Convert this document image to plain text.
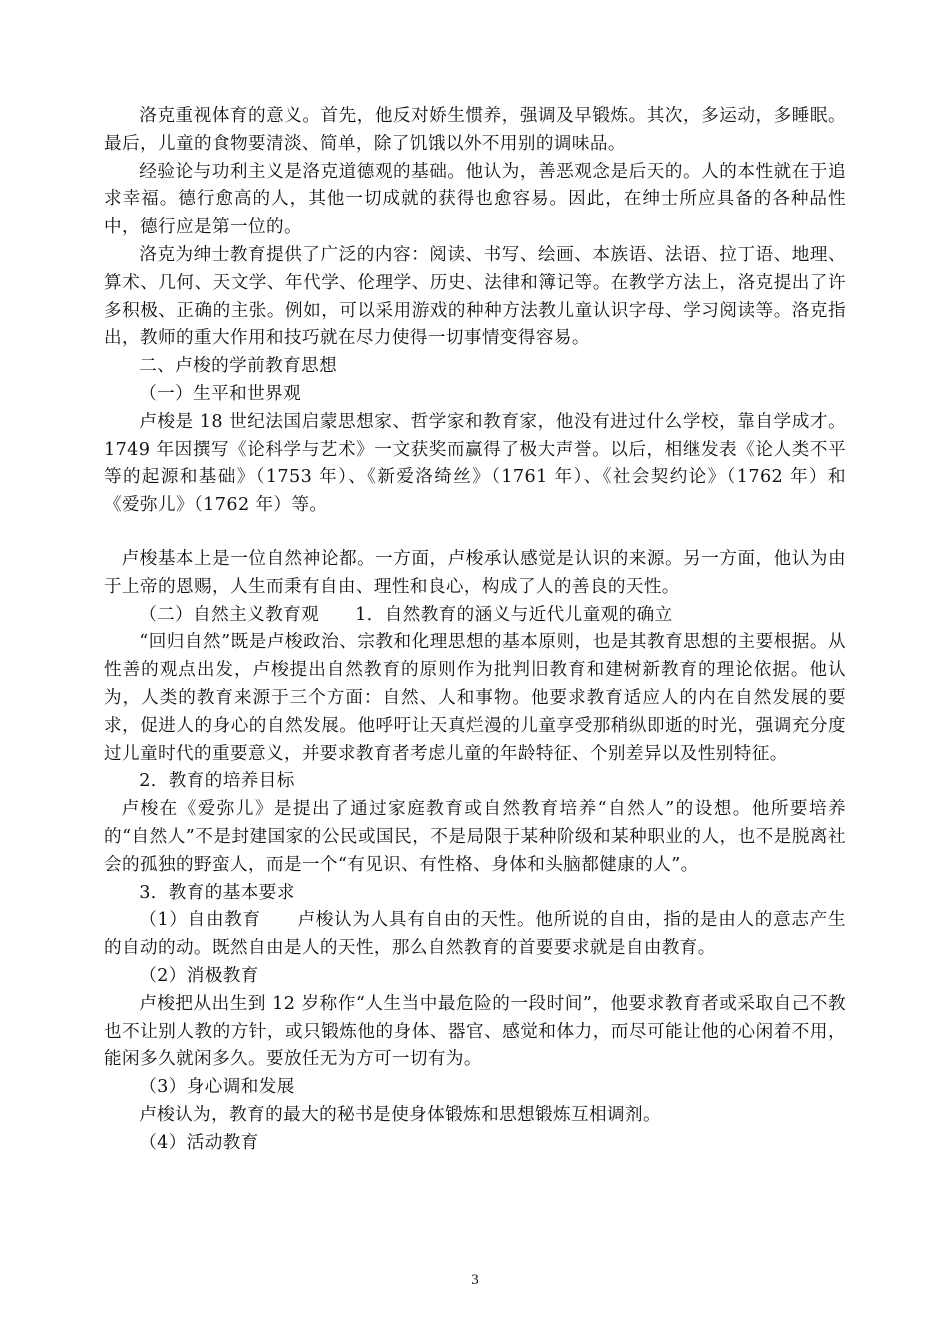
洛克重视体育的意义。首先，他反对娇生惯养，强调及早锻炼。其次，多运动，多睡眠。最后，儿童的食物要清淡、简单，除了饥饿以外不用别的调味品。

经验论与功利主义是洛克道德观的基础。他认为，善恶观念是后天的。人的本性就在于追求幸福。德行愈高的人，其他一切成就的获得也愈容易。因此，在绅士所应具备的各种品性中，德行应是第一位的。

洛克为绅士教育提供了广泛的内容：阅读、书写、绘画、本族语、法语、拉丁语、地理、算术、几何、天文学、年代学、伦理学、历史、法律和簿记等。在教学方法上，洛克提出了许多积极、正确的主张。例如，可以采用游戏的种种方法教儿童认识字母、学习阅读等。洛克指出，教师的重大作用和技巧就在尽力使得一切事情变得容易。

二、卢梭的学前教育思想

（一）生平和世界观

卢梭是 18 世纪法国启蒙思想家、哲学家和教育家，他没有进过什么学校，靠自学成才。1749 年因撰写《论科学与艺术》一文获奖而赢得了极大声誉。以后，相继发表《论人类不平等的起源和基础》（1753 年）、《新爱洛绮丝》（1761 年）、《社会契约论》（1762 年）和《爱弥儿》（1762 年）等。

卢梭基本上是一位自然神论都。一方面，卢梭承认感觉是认识的来源。另一方面，他认为由于上帝的恩赐，人生而秉有自由、理性和良心，构成了人的善良的天性。

（二）自然主义教育观　　1．自然教育的涵义与近代儿童观的确立

“回归自然”既是卢梭政治、宗教和化理思想的基本原则，也是其教育思想的主要根据。从性善的观点出发，卢梭提出自然教育的原则作为批判旧教育和建树新教育的理论依据。他认为，人类的教育来源于三个方面：自然、人和事物。他要求教育适应人的内在自然发展的要求，促进人的身心的自然发展。他呼吁让天真烂漫的儿童享受那稍纵即逝的时光，强调充分度过儿童时代的重要意义，并要求教育者考虑儿童的年龄特征、个别差异以及性别特征。

2．教育的培养目标

卢梭在《爱弥儿》是提出了通过家庭教育或自然教育培养“自然人”的设想。他所要培养的“自然人”不是封建国家的公民或国民，不是局限于某种阶级和某种职业的人，也不是脱离社会的孤独的野蛮人，而是一个“有见识、有性格、身体和头脑都健康的人”。

3．教育的基本要求

（1）自由教育　　卢梭认为人具有自由的天性。他所说的自由，指的是由人的意志产生的自动的动。既然自由是人的天性，那么自然教育的首要要求就是自由教育。

（2）消极教育

卢梭把从出生到 12 岁称作“人生当中最危险的一段时间”，他要求教育者或采取自己不教也不让别人教的方针，或只锻炼他的身体、器官、感觉和体力，而尽可能让他的心闲着不用，能闲多久就闲多久。要放任无为方可一切有为。

（3）身心调和发展

卢梭认为，教育的最大的秘书是使身体锻炼和思想锻炼互相调剂。

（4）活动教育

3
